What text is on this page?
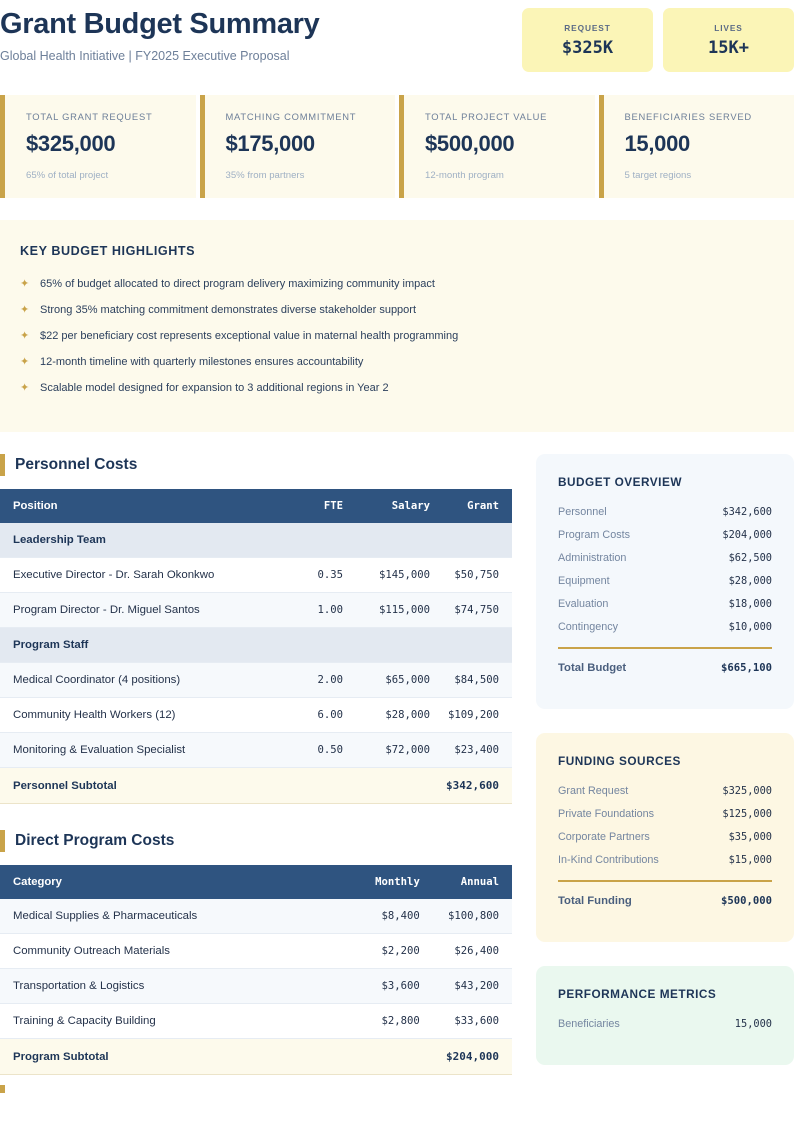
Grant Budget Summary
Global Health Initiative | FY2025 Executive Proposal
REQUEST
$325K
LIVES
15K+
TOTAL GRANT REQUEST
$325,000
65% of total project
MATCHING COMMITMENT
$175,000
35% from partners
TOTAL PROJECT VALUE
$500,000
12-month program
BENEFICIARIES SERVED
15,000
5 target regions
KEY BUDGET HIGHLIGHTS
✦ 65% of budget allocated to direct program delivery maximizing community impact
✦ Strong 35% matching commitment demonstrates diverse stakeholder support
✦ $22 per beneficiary cost represents exceptional value in maternal health programming
✦ 12-month timeline with quarterly milestones ensures accountability
✦ Scalable model designed for expansion to 3 additional regions in Year 2
Personnel Costs
Position	FTE	Salary	Grant
Leadership Team			
Executive Director - Dr. Sarah Okonkwo	0.35	$145,000	$50,750
Program Director - Dr. Miguel Santos	1.00	$115,000	$74,750
Program Staff			
Medical Coordinator (4 positions)	2.00	$65,000	$84,500
Community Health Workers (12)	6.00	$28,000	$109,200
Monitoring & Evaluation Specialist	0.50	$72,000	$23,400
Personnel Subtotal			$342,600
Direct Program Costs
Category	Monthly	Annual
Medical Supplies & Pharmaceuticals	$8,400	$100,800
Community Outreach Materials	$2,200	$26,400
Transportation & Logistics	$3,600	$43,200
Training & Capacity Building	$2,800	$33,600
Program Subtotal		$204,000
BUDGET OVERVIEW
Personnel	$342,600
Program Costs	$204,000
Administration	$62,500
Equipment	$28,000
Evaluation	$18,000
Contingency	$10,000
Total Budget	$665,100
FUNDING SOURCES
Grant Request	$325,000
Private Foundations	$125,000
Corporate Partners	$35,000
In-Kind Contributions	$15,000
Total Funding	$500,000
PERFORMANCE METRICS
Beneficiaries	15,000
